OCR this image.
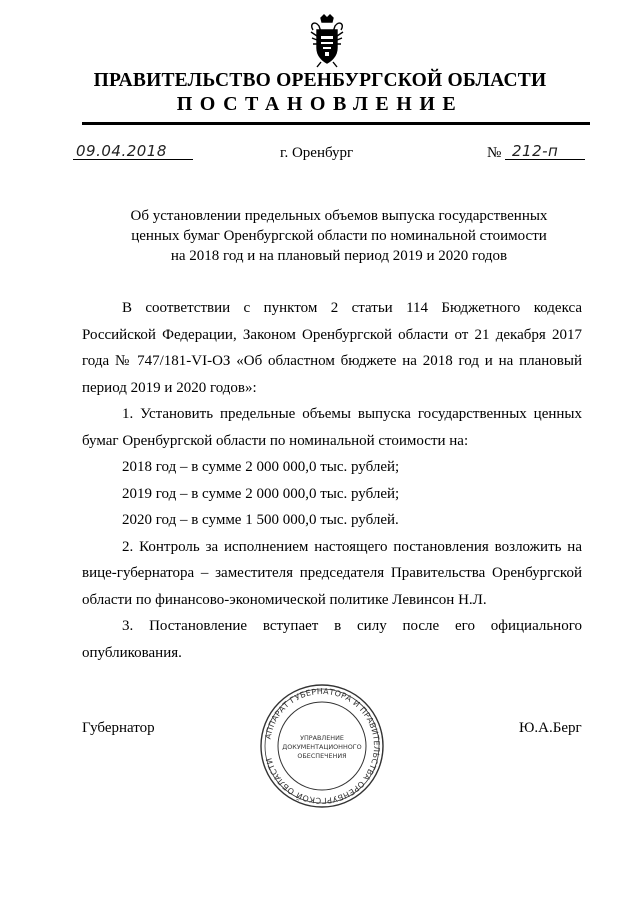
ПРАВИТЕЛЬСТВО ОРЕНБУРГСКОЙ ОБЛАСТИ
ПОСТАНОВЛЕНИЕ
09.04.2018	г. Оренбург	№ 212-п
Об установлении предельных объемов выпуска государственных
ценных бумаг Оренбургской области по номинальной стоимости
на 2018 год и на плановый период 2019 и 2020 годов

В соответствии с пунктом 2 статьи 114 Бюджетного кодекса Российской Федерации, Законом Оренбургской области от 21 декабря 2017 года № 747/181-VI-ОЗ «Об областном бюджете на 2018 год и на плановый период 2019 и 2020 годов»:

1. Установить предельные объемы выпуска государственных ценных бумаг Оренбургской области по номинальной стоимости на:

2018 год – в сумме 2 000 000,0 тыс. рублей;

2019 год – в сумме 2 000 000,0 тыс. рублей;

2020 год – в сумме 1 500 000,0 тыс. рублей.

2. Контроль за исполнением настоящего постановления возложить на вице-губернатора – заместителя председателя Правительства Оренбургской области по финансово-экономической политике Левинсон Н.Л.

3. Постановление вступает в силу после его официального опубликования.

Губернатор	Ю.А.Берг
АППАРАТ ГУБЕРНАТОРА И ПРАВИТЕЛЬСТВА ОРЕНБУРГСКОЙ ОБЛАСТИ
УПРАВЛЕНИЕ
ДОКУМЕНТАЦИОННОГО
ОБЕСПЕЧЕНИЯ
